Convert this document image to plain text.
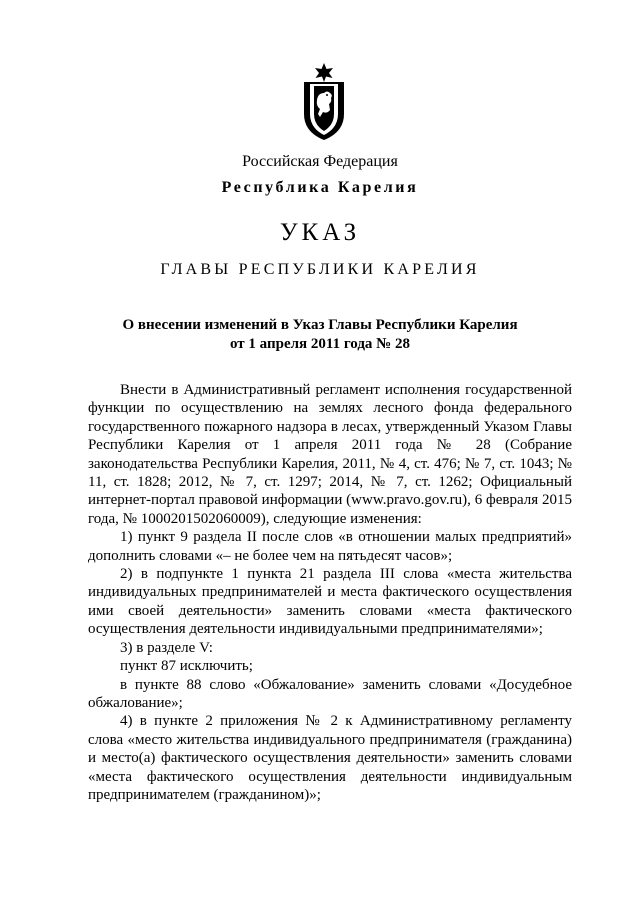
Российская Федерация
Республика Карелия
УКАЗ
ГЛАВЫ РЕСПУБЛИКИ КАРЕЛИЯ
О внесении изменений в Указ Главы Республики Карелия
от 1 апреля 2011 года № 28

Внести в Административный регламент исполнения государственной функции по осуществлению на землях лесного фонда федерального государственного пожарного надзора в лесах, утвержденный Указом Главы Республики Карелия от 1 апреля 2011 года № 28 (Собрание законодательства Республики Карелия, 2011, № 4, ст. 476; № 7, ст. 1043; № 11, ст. 1828; 2012, № 7, ст. 1297; 2014, № 7, ст. 1262; Официальный интернет-портал правовой информации (www.pravo.gov.ru), 6 февраля 2015 года, № 1000201502060009), следующие изменения:

1) пункт 9 раздела II после слов «в отношении малых предприятий» дополнить словами «– не более чем на пятьдесят часов»;

2) в подпункте 1 пункта 21 раздела III слова «места жительства индивидуальных предпринимателей и места фактического осуществления ими своей деятельности» заменить словами «места фактического осуществления деятельности индивидуальными предпринимателями»;

3) в разделе V:

пункт 87 исключить;

в пункте 88 слово «Обжалование» заменить словами «Досудебное обжалование»;

4) в пункте 2 приложения № 2 к Административному регламенту слова «место жительства индивидуального предпринимателя (гражданина) и место(а) фактического осуществления деятельности» заменить словами «места фактического осуществления деятельности индивидуальным предпринимателем (гражданином)»;
